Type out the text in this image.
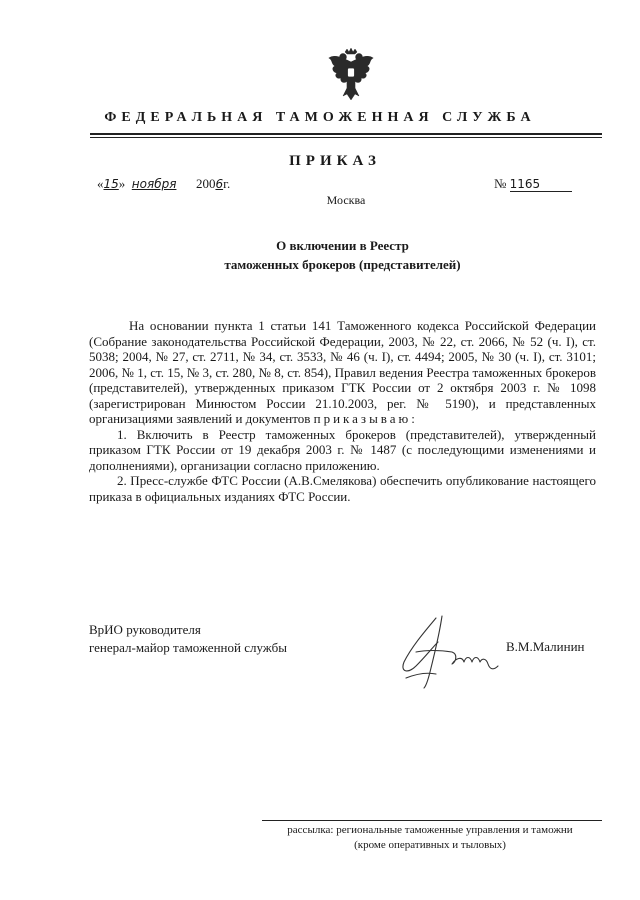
ФЕДЕРАЛЬНАЯ ТАМОЖЕННАЯ СЛУЖБА
ПРИКАЗ
«15» ноября 2006г.	№ 1165
Москва
О включении в Реестр
таможенных брокеров (представителей)

На основании пункта 1 статьи 141 Таможенного кодекса Российской Федерации (Собрание законодательства Российской Федерации, 2003, № 22, ст. 2066, № 52 (ч. I), ст. 5038; 2004, № 27, ст. 2711, № 34, ст. 3533, № 46 (ч. I), ст. 4494; 2005, № 30 (ч. I), ст. 3101; 2006, № 1, ст. 15, № 3, ст. 280, № 8, ст. 854), Правил ведения Реестра таможенных брокеров (представителей), утвержденных приказом ГТК России от 2 октября 2003 г. № 1098 (зарегистрирован Минюстом России 21.10.2003, рег. № 5190), и представленных организациями заявлений и документов приказываю:

1. Включить в Реестр таможенных брокеров (представителей), утвержденный приказом ГТК России от 19 декабря 2003 г. № 1487 (с последующими изменениями и дополнениями), организации согласно приложению.

2. Пресс-службе ФТС России (А.В.Смелякова) обеспечить опубликование настоящего приказа в официальных изданиях ФТС России.

ВрИО руководителя
генерал-майор таможенной службы	В.М.Малинин
рассылка: региональные таможенные управления и таможни
(кроме оперативных и тыловых)
